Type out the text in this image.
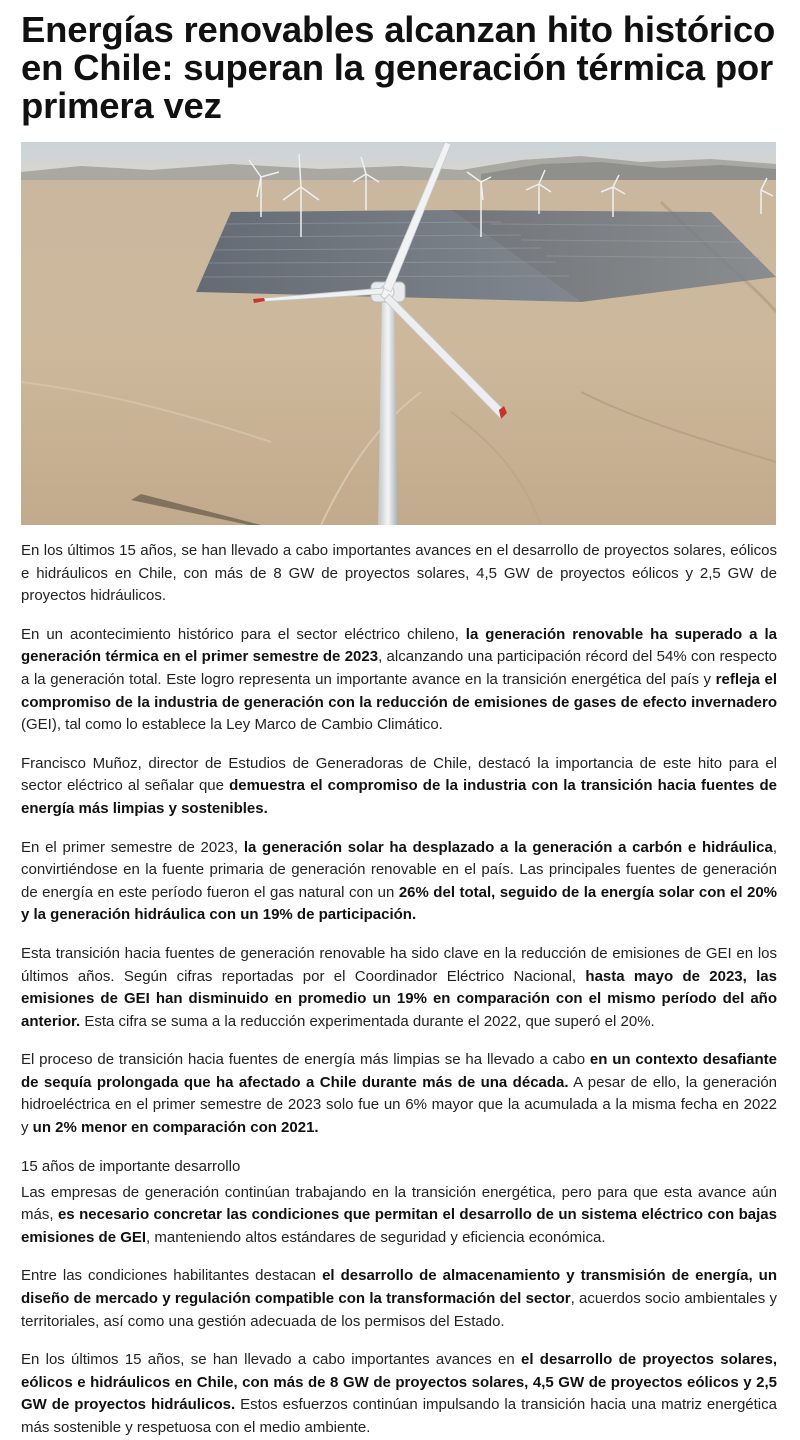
Energías renovables alcanzan hito histórico en Chile: superan la generación térmica por primera vez

En los últimos 15 años, se han llevado a cabo importantes avances en el desarrollo de proyectos solares, eólicos e hidráulicos en Chile, con más de 8 GW de proyectos solares, 4,5 GW de proyectos eólicos y 2,5 GW de proyectos hidráulicos.

En un acontecimiento histórico para el sector eléctrico chileno, la generación renovable ha superado a la generación térmica en el primer semestre de 2023, alcanzando una participación récord del 54% con respecto a la generación total. Este logro representa un importante avance en la transición energética del país y refleja el compromiso de la industria de generación con la reducción de emisiones de gases de efecto invernadero (GEI), tal como lo establece la Ley Marco de Cambio Climático.

Francisco Muñoz, director de Estudios de Generadoras de Chile, destacó la importancia de este hito para el sector eléctrico al señalar que demuestra el compromiso de la industria con la transición hacia fuentes de energía más limpias y sostenibles.

En el primer semestre de 2023, la generación solar ha desplazado a la generación a carbón e hidráulica, convirtiéndose en la fuente primaria de generación renovable en el país. Las principales fuentes de generación de energía en este período fueron el gas natural con un 26% del total, seguido de la energía solar con el 20% y la generación hidráulica con un 19% de participación.

Esta transición hacia fuentes de generación renovable ha sido clave en la reducción de emisiones de GEI en los últimos años. Según cifras reportadas por el Coordinador Eléctrico Nacional, hasta mayo de 2023, las emisiones de GEI han disminuido en promedio un 19% en comparación con el mismo período del año anterior. Esta cifra se suma a la reducción experimentada durante el 2022, que superó el 20%.

El proceso de transición hacia fuentes de energía más limpias se ha llevado a cabo en un contexto desafiante de sequía prolongada que ha afectado a Chile durante más de una década. A pesar de ello, la generación hidroeléctrica en el primer semestre de 2023 solo fue un 6% mayor que la acumulada a la misma fecha en 2022 y un 2% menor en comparación con 2021.

15 años de importante desarrollo

Las empresas de generación continúan trabajando en la transición energética, pero para que esta avance aún más, es necesario concretar las condiciones que permitan el desarrollo de un sistema eléctrico con bajas emisiones de GEI, manteniendo altos estándares de seguridad y eficiencia económica.

Entre las condiciones habilitantes destacan el desarrollo de almacenamiento y transmisión de energía, un diseño de mercado y regulación compatible con la transformación del sector, acuerdos socio ambientales y territoriales, así como una gestión adecuada de los permisos del Estado.

En los últimos 15 años, se han llevado a cabo importantes avances en el desarrollo de proyectos solares, eólicos e hidráulicos en Chile, con más de 8 GW de proyectos solares, 4,5 GW de proyectos eólicos y 2,5 GW de proyectos hidráulicos. Estos esfuerzos continúan impulsando la transición hacia una matriz energética más sostenible y respetuosa con el medio ambiente.
